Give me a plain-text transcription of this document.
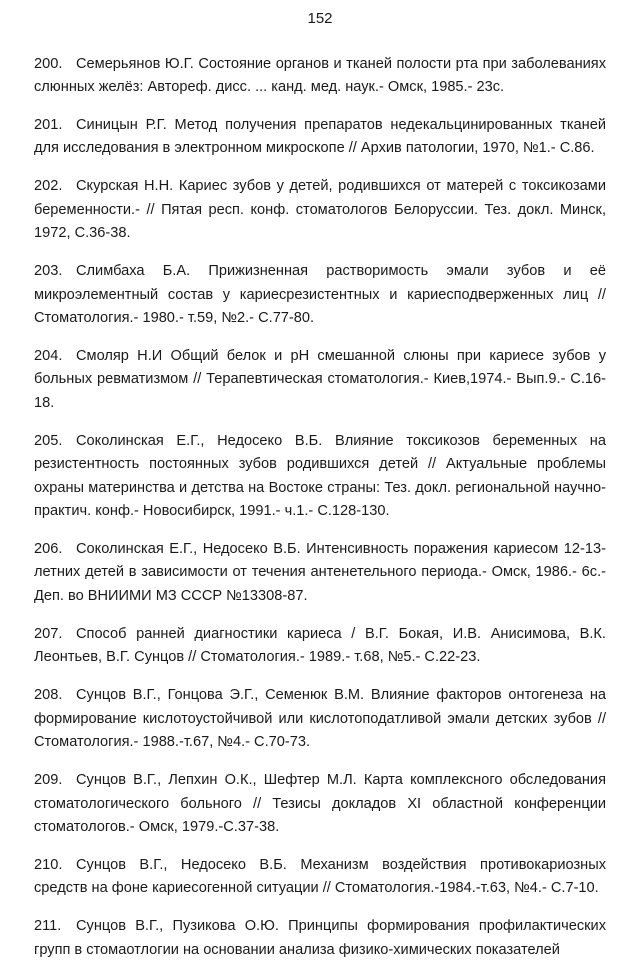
152

200. Семерьянов Ю.Г. Состояние органов и тканей полости рта при заболеваниях слюнных желёз: Автореф. дисс. ... канд. мед. наук.- Омск, 1985.- 23с.

201. Синицын Р.Г. Метод получения препаратов недекальцинированных тканей для исследования в электронном микроскопе // Архив патологии, 1970, №1.- С.86.

202. Скурская Н.Н. Кариес зубов у детей, родившихся от матерей с токсикозами беременности.- // Пятая респ. конф. стоматологов Белоруссии. Тез. докл. Минск, 1972, С.36-38.

203. Слимбаха Б.А. Прижизненная растворимость эмали зубов и её микроэлементный состав у кариесрезистентных и кариесподверженных лиц // Стоматология.- 1980.- т.59, №2.- С.77-80.

204. Смоляр Н.И Общий белок и pH смешанной слюны при кариесе зубов у больных ревматизмом // Терапевтическая стоматология.- Киев,1974.- Вып.9.- С.16-18.

205. Соколинская Е.Г., Недосеко В.Б. Влияние токсикозов беременных на резистентность постоянных зубов родившихся детей // Актуальные проблемы охраны материнства и детства на Востоке страны: Тез. докл. региональной научно-практич. конф.- Новосибирск, 1991.- ч.1.- С.128-130.

206. Соколинская Е.Г., Недосеко В.Б. Интенсивность поражения кариесом 12-13-летних детей в зависимости от течения антенетельного периода.- Омск, 1986.- 6с.- Деп. во ВНИИМИ МЗ СССР №13308-87.

207. Способ ранней диагностики кариеса / В.Г. Бокая, И.В. Анисимова, В.К. Леонтьев, В.Г. Сунцов // Стоматология.- 1989.- т.68, №5.- С.22-23.

208. Сунцов В.Г., Гонцова Э.Г., Семенюк В.М. Влияние факторов онтогенеза на формирование кислотоустойчивой или кислотоподатливой эмали детских зубов // Стоматология.- 1988.-т.67, №4.- С.70-73.

209. Сунцов В.Г., Лепхин О.К., Шефтер М.Л. Карта комплексного обследования стоматологического больного // Тезисы докладов XI областной конференции стоматологов.- Омск, 1979.-С.37-38.

210. Сунцов В.Г., Недосеко В.Б. Механизм воздействия противокариозных средств на фоне кариесогенной ситуации // Стоматология.-1984.-т.63, №4.- С.7-10.

211. Сунцов В.Г., Пузикова О.Ю. Принципы формирования профилактических групп в стомаотлогии на основании анализа физико-химических показателей
